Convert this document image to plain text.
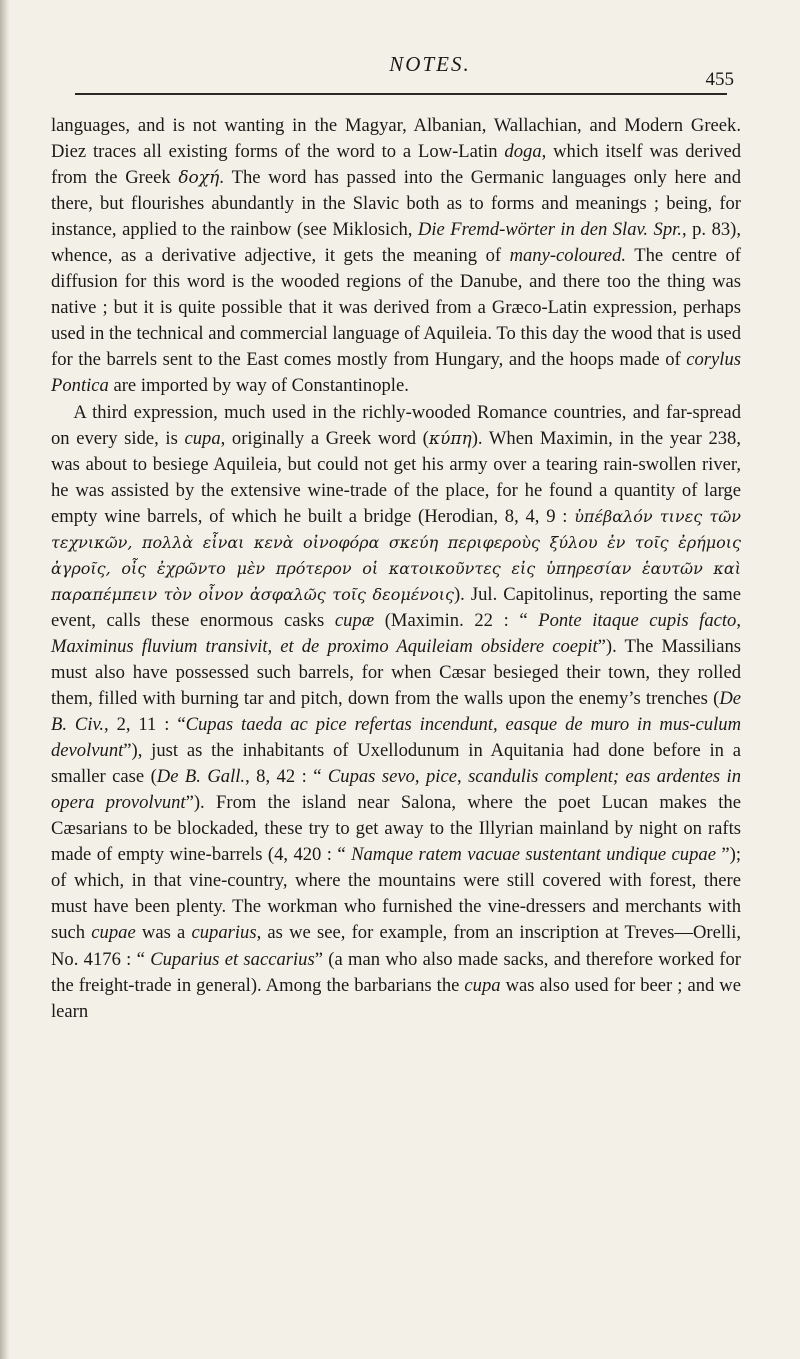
NOTES.
455

languages, and is not wanting in the Magyar, Albanian, Wallachian, and Modern Greek. Diez traces all existing forms of the word to a Low-Latin doga, which itself was derived from the Greek δοχή. The word has passed into the Germanic languages only here and there, but flourishes abundantly in the Slavic both as to forms and meanings ; being, for instance, applied to the rainbow (see Miklosich, Die Fremd-wörter in den Slav. Spr., p. 83), whence, as a derivative adjective, it gets the meaning of many-coloured. The centre of diffusion for this word is the wooded regions of the Danube, and there too the thing was native ; but it is quite possible that it was derived from a Græco-Latin expression, perhaps used in the technical and commercial language of Aquileia. To this day the wood that is used for the barrels sent to the East comes mostly from Hungary, and the hoops made of corylus Pontica are imported by way of Constantinople.

A third expression, much used in the richly-wooded Romance countries, and far-spread on every side, is cupa, originally a Greek word (κύπη). When Maximin, in the year 238, was about to besiege Aquileia, but could not get his army over a tearing rain-swollen river, he was assisted by the extensive wine-trade of the place, for he found a quantity of large empty wine barrels, of which he built a bridge (Herodian, 8, 4, 9 : ὑπέβαλόν τινες τῶν τεχνικῶν, πολλὰ εἶναι κενὰ οἰνοφόρα σκεύη περιφεροὺς ξύλου ἐν τοῖς ἐρήμοις ἀγροῖς, οἷς ἐχρῶντο μὲν πρότερον οἱ κατοικοῦντες εἰς ὑπηρεσίαν ἑαυτῶν καὶ παραπέμπειν τὸν οἶνον ἀσφαλῶς τοῖς δεομένοις). Jul. Capitolinus, reporting the same event, calls these enormous casks cupæ (Maximin. 22 : “ Ponte itaque cupis facto, Maximinus fluvium transivit, et de proximo Aquileiam obsidere coepit”). The Massilians must also have possessed such barrels, for when Cæsar besieged their town, they rolled them, filled with burning tar and pitch, down from the walls upon the enemy’s trenches (De B. Civ., 2, 11 : “Cupas taeda ac pice refertas incendunt, easque de muro in mus-culum devolvunt”), just as the inhabitants of Uxellodunum in Aquitania had done before in a smaller case (De B. Gall., 8, 42 : “ Cupas sevo, pice, scandulis complent; eas ardentes in opera provolvunt”). From the island near Salona, where the poet Lucan makes the Cæsarians to be blockaded, these try to get away to the Illyrian mainland by night on rafts made of empty wine-barrels (4, 420 : “ Namque ratem vacuae sustentant undique cupae ”); of which, in that vine-country, where the mountains were still covered with forest, there must have been plenty. The workman who furnished the vine-dressers and merchants with such cupae was a cuparius, as we see, for example, from an inscription at Treves—Orelli, No. 4176 : “ Cuparius et saccarius” (a man who also made sacks, and therefore worked for the freight-trade in general). Among the barbarians the cupa was also used for beer ; and we learn
